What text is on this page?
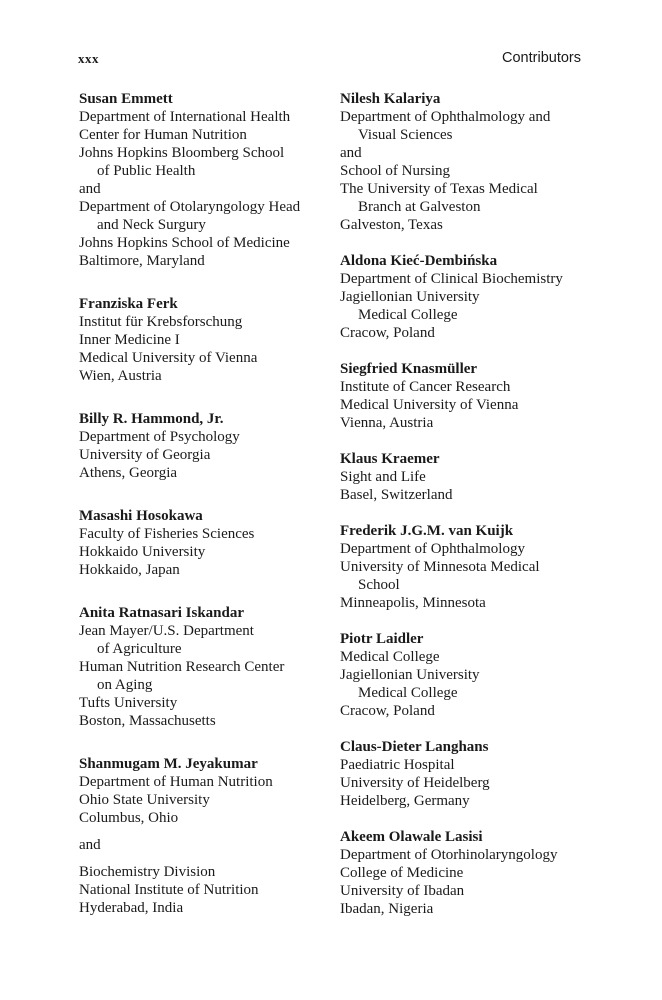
xxx	Contributors
Susan Emmett
Department of International Health
Center for Human Nutrition
Johns Hopkins Bloomberg School
of Public Health
and
Department of Otolaryngology Head
and Neck Surgury
Johns Hopkins School of Medicine
Baltimore, Maryland
Franziska Ferk
Institut für Krebsforschung
Inner Medicine I
Medical University of Vienna
Wien, Austria
Billy R. Hammond, Jr.
Department of Psychology
University of Georgia
Athens, Georgia
Masashi Hosokawa
Faculty of Fisheries Sciences
Hokkaido University
Hokkaido, Japan
Anita Ratnasari Iskandar
Jean Mayer/U.S. Department
of Agriculture
Human Nutrition Research Center
on Aging
Tufts University
Boston, Massachusetts
Shanmugam M. Jeyakumar
Department of Human Nutrition
Ohio State University
Columbus, Ohio
and
Biochemistry Division
National Institute of Nutrition
Hyderabad, India
Nilesh Kalariya
Department of Ophthalmology and
Visual Sciences
and
School of Nursing
The University of Texas Medical
Branch at Galveston
Galveston, Texas
Aldona Kieć-Dembińska
Department of Clinical Biochemistry
Jagiellonian University
Medical College
Cracow, Poland
Siegfried Knasmüller
Institute of Cancer Research
Medical University of Vienna
Vienna, Austria
Klaus Kraemer
Sight and Life
Basel, Switzerland
Frederik J.G.M. van Kuijk
Department of Ophthalmology
University of Minnesota Medical
School
Minneapolis, Minnesota
Piotr Laidler
Medical College
Jagiellonian University
Medical College
Cracow, Poland
Claus-Dieter Langhans
Paediatric Hospital
University of Heidelberg
Heidelberg, Germany
Akeem Olawale Lasisi
Department of Otorhinolaryngology
College of Medicine
University of Ibadan
Ibadan, Nigeria
